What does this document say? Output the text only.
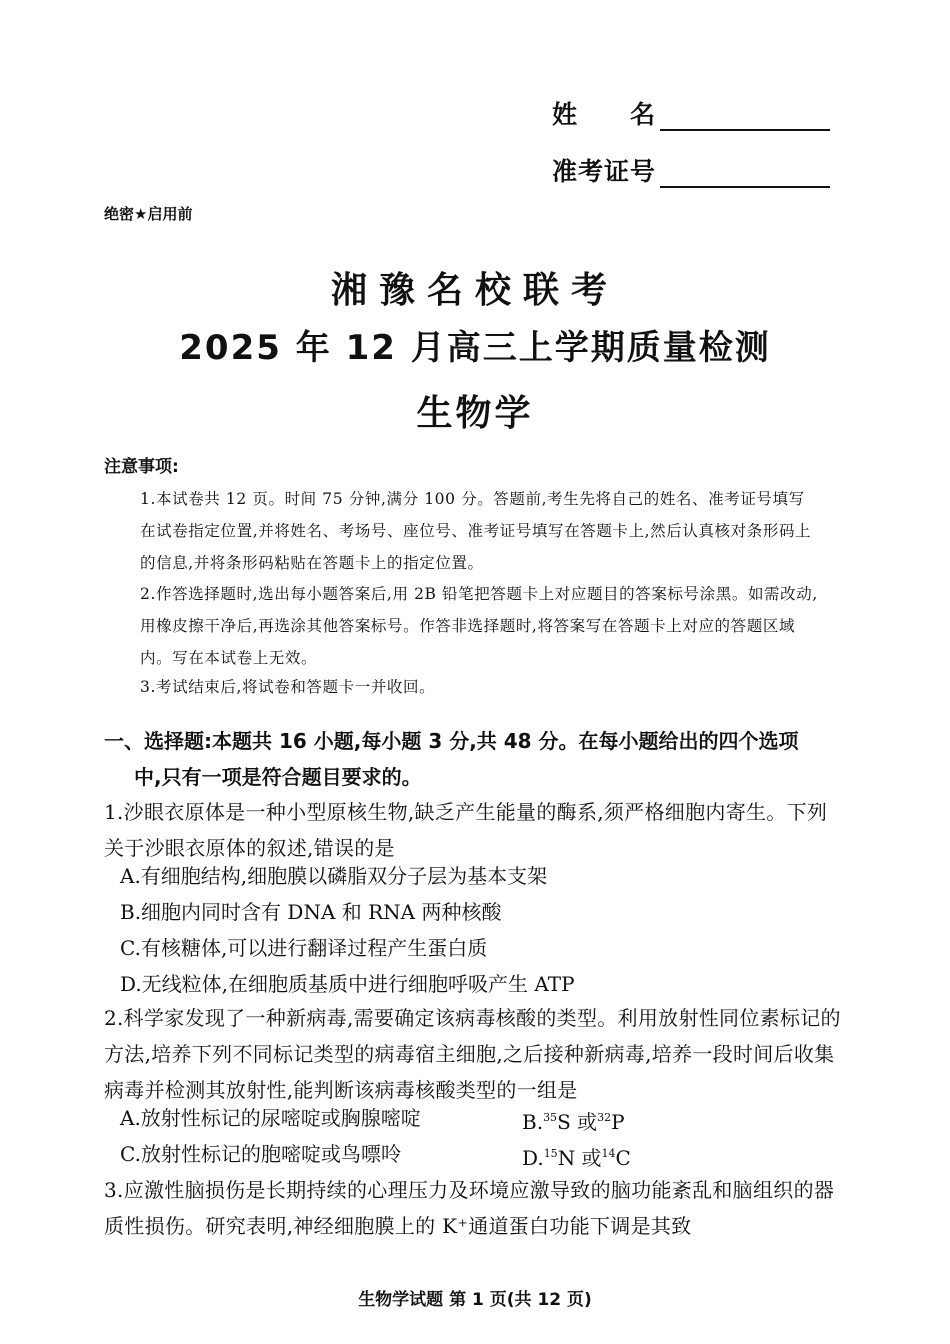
姓　　名
准考证号
绝密★启用前
湘豫名校联考
2025 年 12 月高三上学期质量检测
生物学
注意事项:
1.本试卷共 12 页。时间 75 分钟,满分 100 分。答题前,考生先将自己的姓名、准考证号填写在试卷指定位置,并将姓名、考场号、座位号、准考证号填写在答题卡上,然后认真核对条形码上的信息,并将条形码粘贴在答题卡上的指定位置。
2.作答选择题时,选出每小题答案后,用 2B 铅笔把答题卡上对应题目的答案标号涂黑。如需改动,用橡皮擦干净后,再选涂其他答案标号。作答非选择题时,将答案写在答题卡上对应的答题区域内。写在本试卷上无效。
3.考试结束后,将试卷和答题卡一并收回。
一、选择题:本题共 16 小题,每小题 3 分,共 48 分。在每小题给出的四个选项
中,只有一项是符合题目要求的。
1.沙眼衣原体是一种小型原核生物,缺乏产生能量的酶系,须严格细胞内寄生。下列关于沙眼衣原体的叙述,错误的是
A.有细胞结构,细胞膜以磷脂双分子层为基本支架
B.细胞内同时含有 DNA 和 RNA 两种核酸
C.有核糖体,可以进行翻译过程产生蛋白质
D.无线粒体,在细胞质基质中进行细胞呼吸产生 ATP
2.科学家发现了一种新病毒,需要确定该病毒核酸的类型。利用放射性同位素标记的方法,培养下列不同标记类型的病毒宿主细胞,之后接种新病毒,培养一段时间后收集病毒并检测其放射性,能判断该病毒核酸类型的一组是
A.放射性标记的尿嘧啶或胸腺嘧啶	B.$^{35}$S 或$^{32}$P
C.放射性标记的胞嘧啶或鸟嘌呤	D.$^{15}$N 或$^{14}$C
3.应激性脑损伤是长期持续的心理压力及环境应激导致的脑功能紊乱和脑组织的器质性损伤。研究表明,神经细胞膜上的 K⁺通道蛋白功能下调是其致
生物学试题 第 1 页(共 12 页)
